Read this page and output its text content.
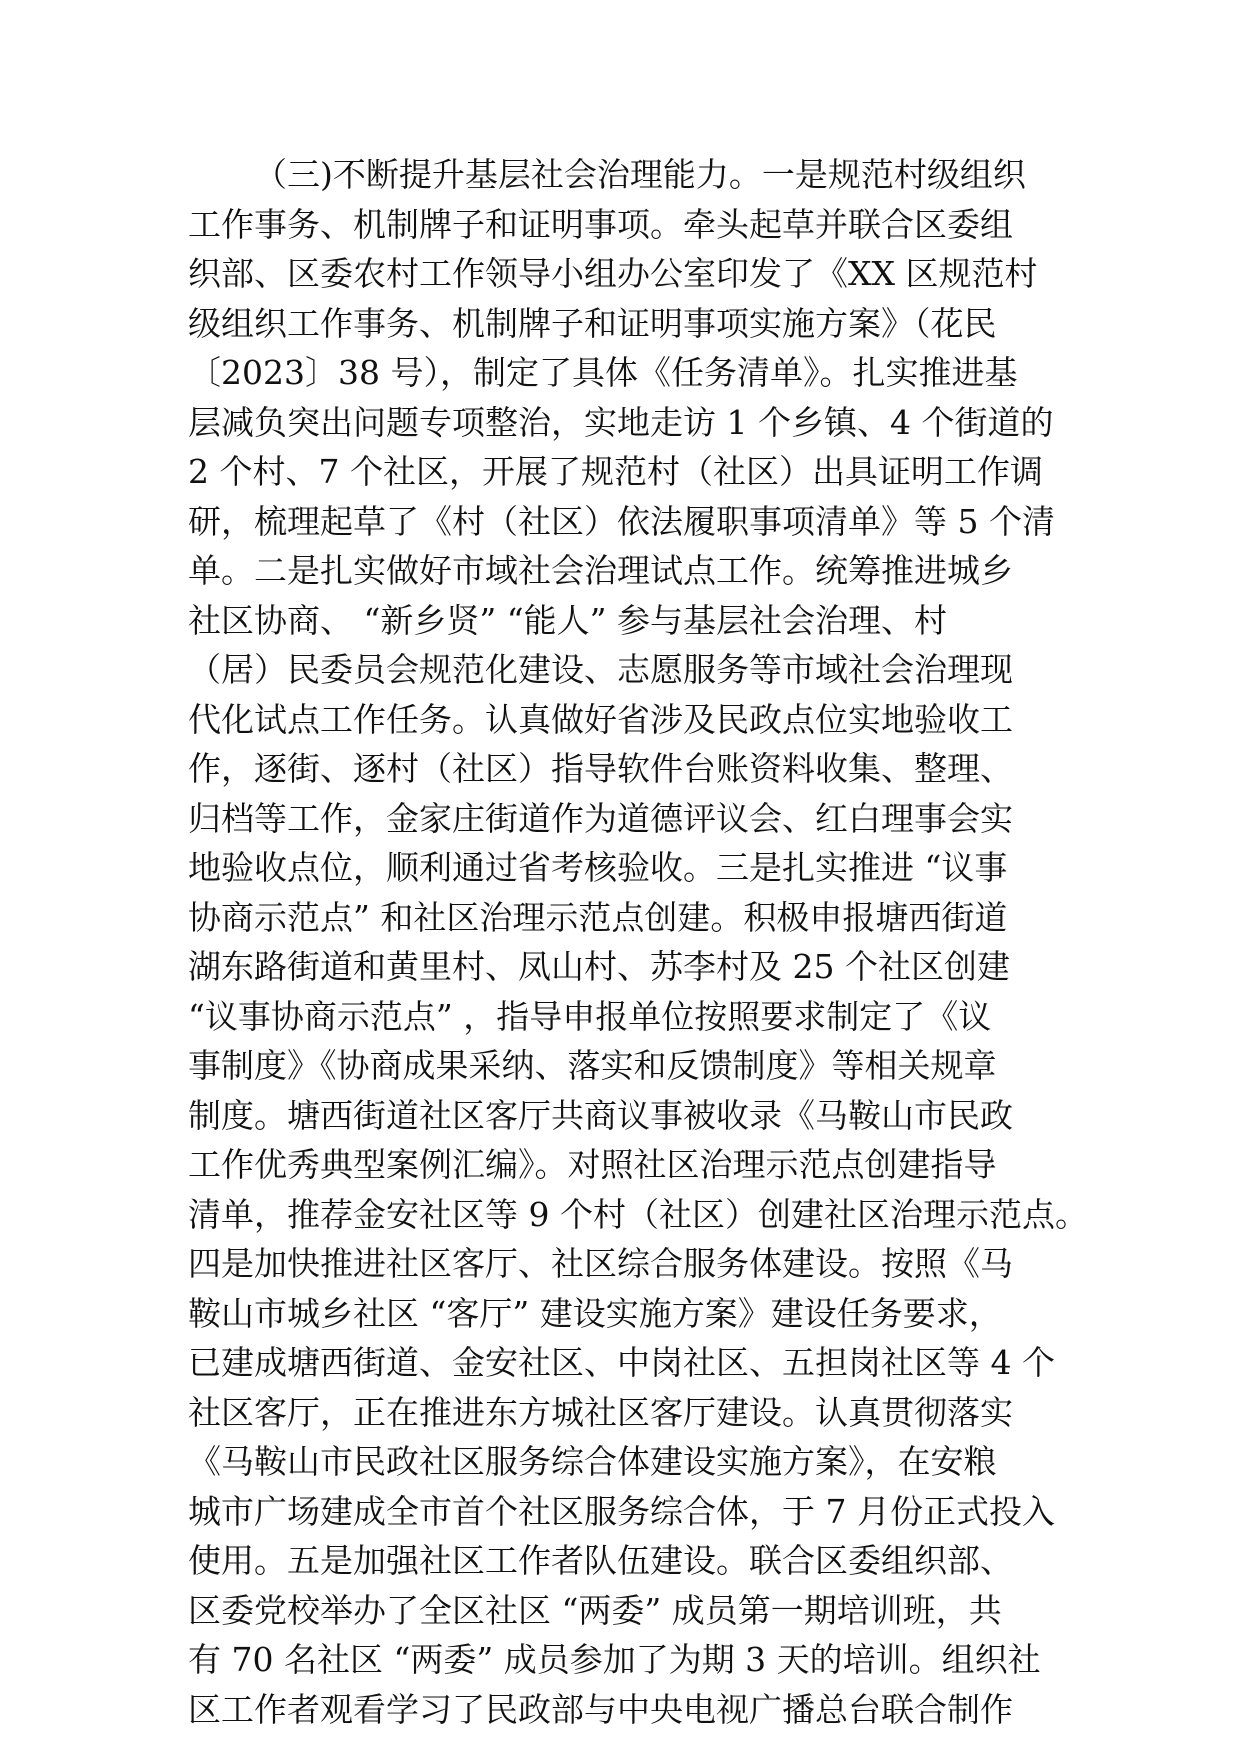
（三)不断提升基层社会治理能力。一是规范村级组织
工作事务、机制牌子和证明事项。牵头起草并联合区委组
织部、区委农村工作领导小组办公室印发了《XX 区规范村
级组织工作事务、机制牌子和证明事项实施方案》（花民
〔2023〕38 号），制定了具体《任务清单》。扎实推进基
层减负突出问题专项整治，实地走访 1 个乡镇、4 个街道的
2 个村、7 个社区，开展了规范村（社区）出具证明工作调
研，梳理起草了《村（社区）依法履职事项清单》等 5 个清
单。二是扎实做好市域社会治理试点工作。统筹推进城乡
社区协商、 “新乡贤” “能人” 参与基层社会治理、村
（居）民委员会规范化建设、志愿服务等市域社会治理现
代化试点工作任务。认真做好省涉及民政点位实地验收工
作，逐街、逐村（社区）指导软件台账资料收集、整理、
归档等工作，金家庄街道作为道德评议会、红白理事会实
地验收点位，顺利通过省考核验收。三是扎实推进 “议事
协商示范点” 和社区治理示范点创建。积极申报塘西街道
湖东路街道和黄里村、凤山村、苏李村及 25 个社区创建
“议事协商示范点” ，指导申报单位按照要求制定了《议
事制度》《协商成果采纳、落实和反馈制度》等相关规章
制度。塘西街道社区客厅共商议事被收录《马鞍山市民政
工作优秀典型案例汇编》。对照社区治理示范点创建指导
清单，推荐金安社区等 9 个村（社区）创建社区治理示范点。
四是加快推进社区客厅、社区综合服务体建设。按照《马
鞍山市城乡社区 “客厅” 建设实施方案》建设任务要求，
已建成塘西街道、金安社区、中岗社区、五担岗社区等 4 个
社区客厅，正在推进东方城社区客厅建设。认真贯彻落实
《马鞍山市民政社区服务综合体建设实施方案》，在安粮
城市广场建成全市首个社区服务综合体，于 7 月份正式投入
使用。五是加强社区工作者队伍建设。联合区委组织部、
区委党校举办了全区社区 “两委” 成员第一期培训班，共
有 70 名社区 “两委” 成员参加了为期 3 天的培训。组织社
区工作者观看学习了民政部与中央电视广播总台联合制作
